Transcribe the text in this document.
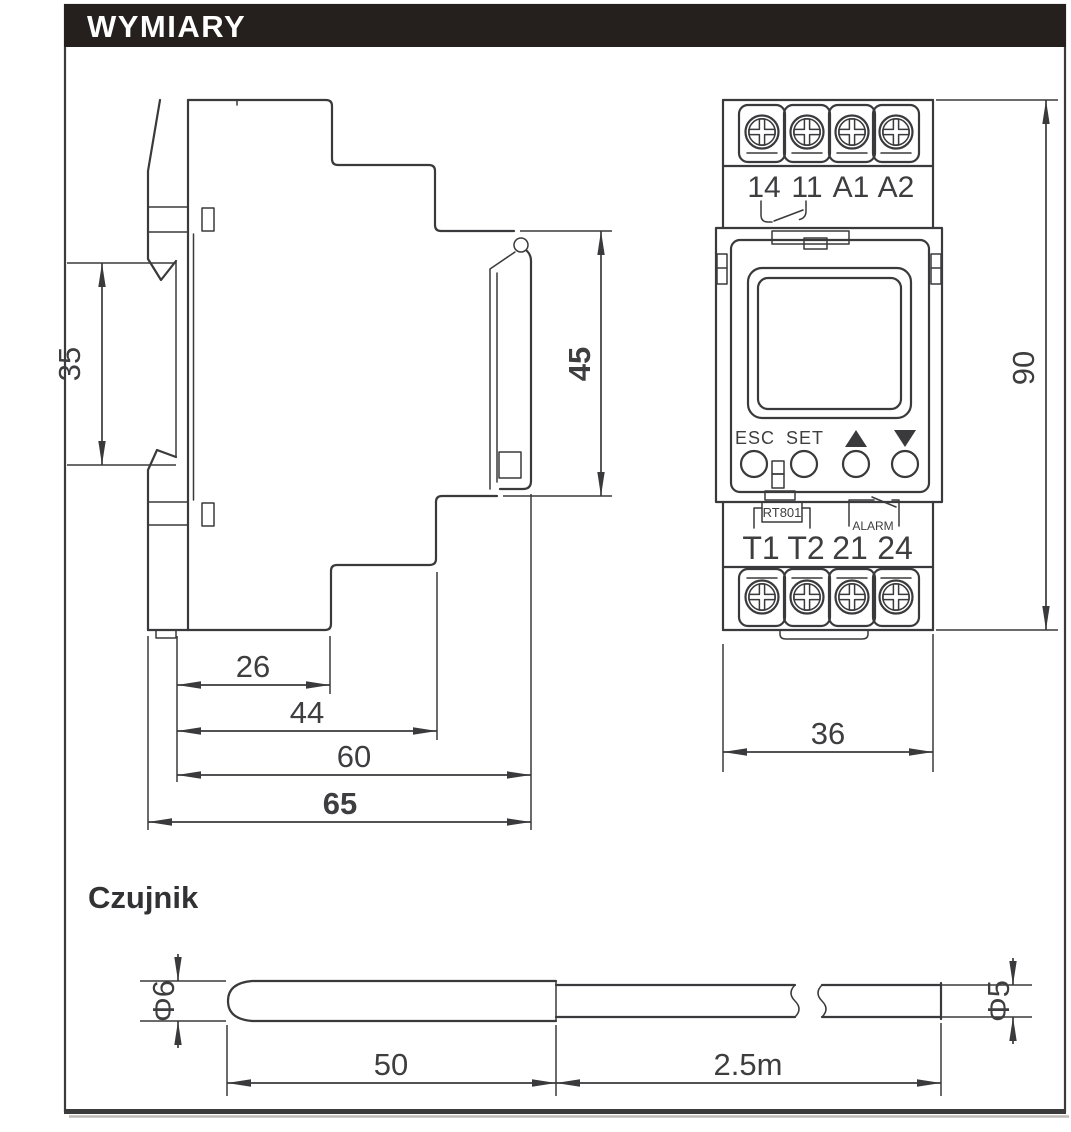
WYMIARY
35	45
26
44
60
65
14 11 A1 A2
ESC SET
RT801
ALARM
T1 T2 21 24
90
36
Czujnik
Φ6	Φ5
50	2.5m
